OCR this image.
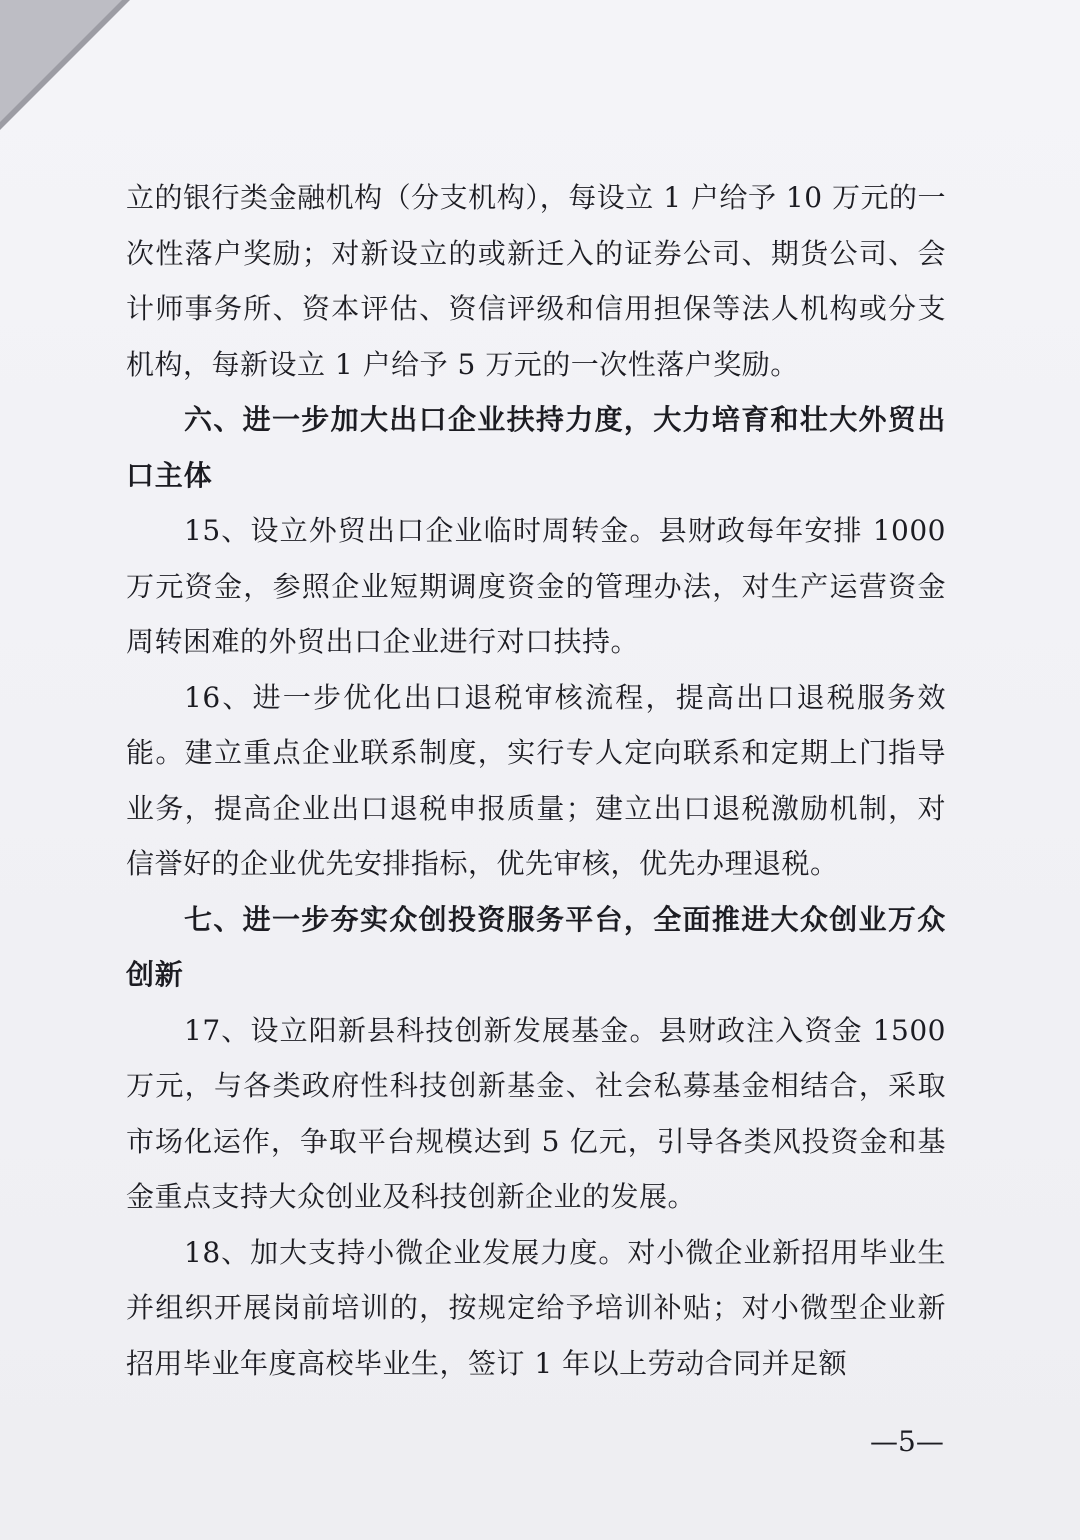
立的银行类金融机构（分支机构），每设立 1 户给予 10 万元的一次性落户奖励；对新设立的或新迁入的证券公司、期货公司、会计师事务所、资本评估、资信评级和信用担保等法人机构或分支机构，每新设立 1 户给予 5 万元的一次性落户奖励。

六、进一步加大出口企业扶持力度，大力培育和壮大外贸出口主体

15、设立外贸出口企业临时周转金。县财政每年安排 1000 万元资金，参照企业短期调度资金的管理办法，对生产运营资金周转困难的外贸出口企业进行对口扶持。

16、进一步优化出口退税审核流程，提高出口退税服务效能。建立重点企业联系制度，实行专人定向联系和定期上门指导业务，提高企业出口退税申报质量；建立出口退税激励机制，对信誉好的企业优先安排指标，优先审核，优先办理退税。

七、进一步夯实众创投资服务平台，全面推进大众创业万众创新

17、设立阳新县科技创新发展基金。县财政注入资金 1500 万元，与各类政府性科技创新基金、社会私募基金相结合，采取市场化运作，争取平台规模达到 5 亿元，引导各类风投资金和基金重点支持大众创业及科技创新企业的发展。

18、加大支持小微企业发展力度。对小微企业新招用毕业生并组织开展岗前培训的，按规定给予培训补贴；对小微型企业新招用毕业年度高校毕业生，签订 1 年以上劳动合同并足额

—5—
